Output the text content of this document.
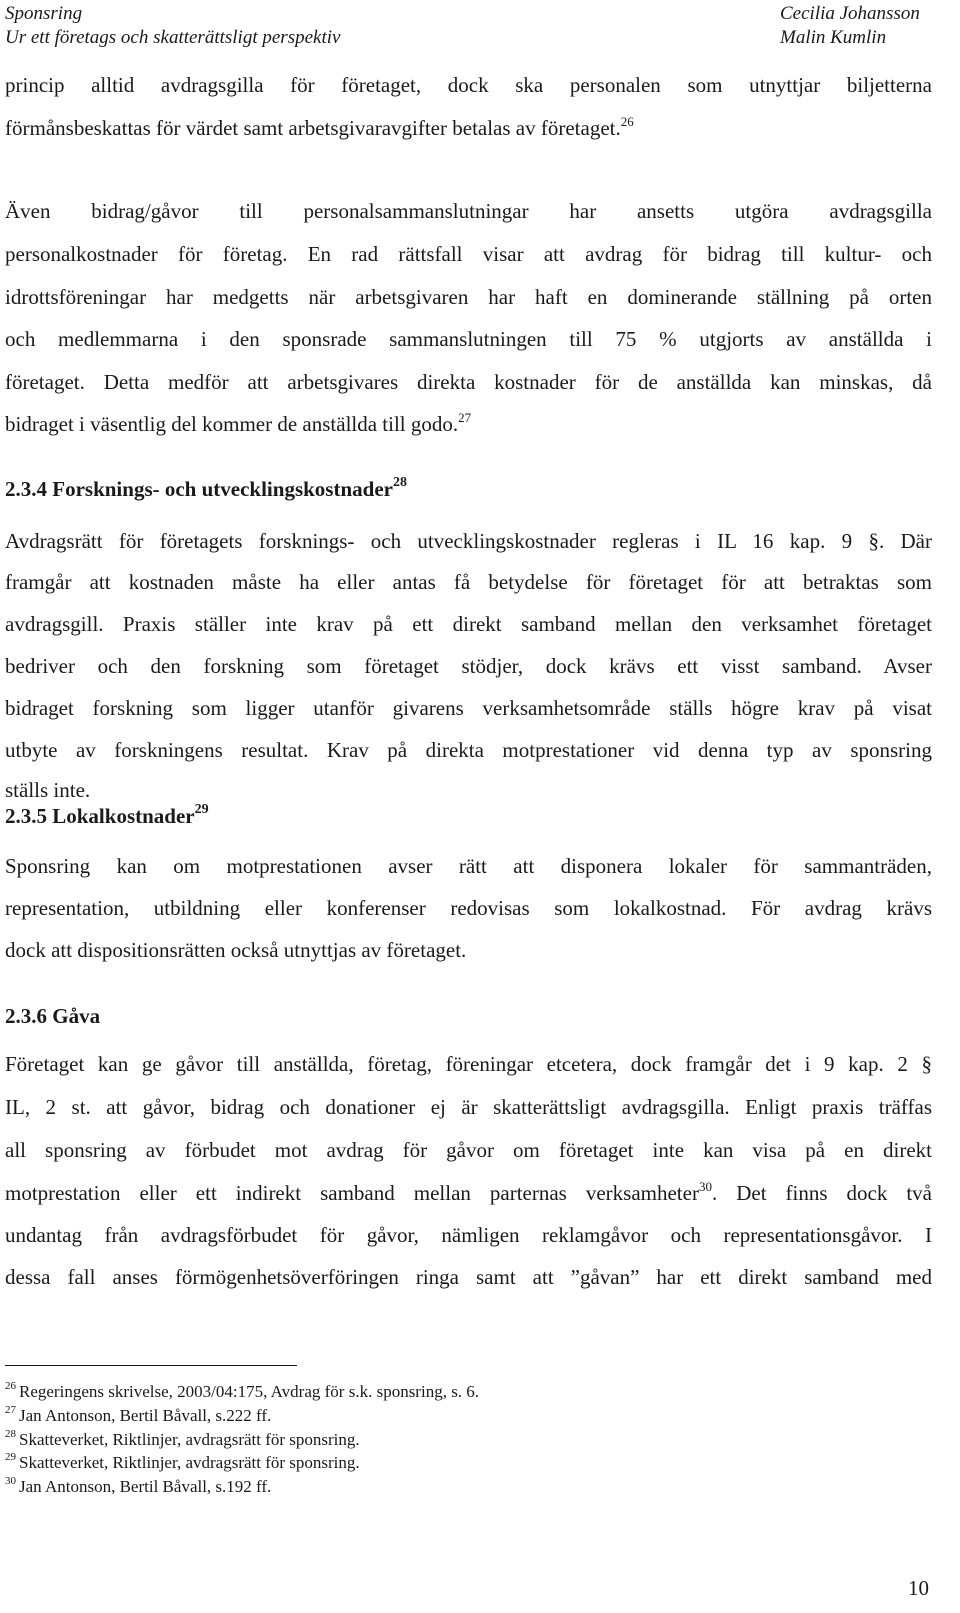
Sponsring
Ur ett företags och skatterättsligt perspektiv
Cecilia Johansson
Malin Kumlin
princip alltid avdragsgilla för företaget, dock ska personalen som utnyttjar biljetterna
förmånsbeskattas för värdet samt arbetsgivaravgifter betalas av företaget.$^{26}$
Även bidrag/gåvor till personalsammanslutningar har ansetts utgöra avdragsgilla
personalkostnader för företag. En rad rättsfall visar att avdrag för bidrag till kultur- och
idrottsföreningar har medgetts när arbetsgivaren har haft en dominerande ställning på orten
och medlemmarna i den sponsrade sammanslutningen till 75 % utgjorts av anställda i
företaget. Detta medför att arbetsgivares direkta kostnader för de anställda kan minskas, då
bidraget i väsentlig del kommer de anställda till godo.$^{27}$
2.3.4 Forsknings- och utvecklingskostnader$^{28}$
Avdragsrätt för företagets forsknings- och utvecklingskostnader regleras i IL 16 kap. 9 §. Där
framgår att kostnaden måste ha eller antas få betydelse för företaget för att betraktas som
avdragsgill. Praxis ställer inte krav på ett direkt samband mellan den verksamhet företaget
bedriver och den forskning som företaget stödjer, dock krävs ett visst samband. Avser
bidraget forskning som ligger utanför givarens verksamhetsområde ställs högre krav på visat
utbyte av forskningens resultat. Krav på direkta motprestationer vid denna typ av sponsring
ställs inte.
2.3.5 Lokalkostnader$^{29}$
Sponsring kan om motprestationen avser rätt att disponera lokaler för sammanträden,
representation, utbildning eller konferenser redovisas som lokalkostnad. För avdrag krävs
dock att dispositionsrätten också utnyttjas av företaget.
2.3.6 Gåva
Företaget kan ge gåvor till anställda, företag, föreningar etcetera, dock framgår det i 9 kap. 2 §
IL, 2 st. att gåvor, bidrag och donationer ej är skatterättsligt avdragsgilla. Enligt praxis träffas
all sponsring av förbudet mot avdrag för gåvor om företaget inte kan visa på en direkt
motprestation eller ett indirekt samband mellan parternas verksamheter$^{30}$. Det finns dock två
undantag från avdragsförbudet för gåvor, nämligen reklamgåvor och representationsgåvor. I
dessa fall anses förmögenhetsöverföringen ringa samt att ”gåvan” har ett direkt samband med
$^{26}$ Regeringens skrivelse, 2003/04:175, Avdrag för s.k. sponsring, s. 6.
$^{27}$ Jan Antonson, Bertil Båvall, s.222 ff.
$^{28}$ Skatteverket, Riktlinjer, avdragsrätt för sponsring.
$^{29}$ Skatteverket, Riktlinjer, avdragsrätt för sponsring.
$^{30}$ Jan Antonson, Bertil Båvall, s.192 ff.
10
